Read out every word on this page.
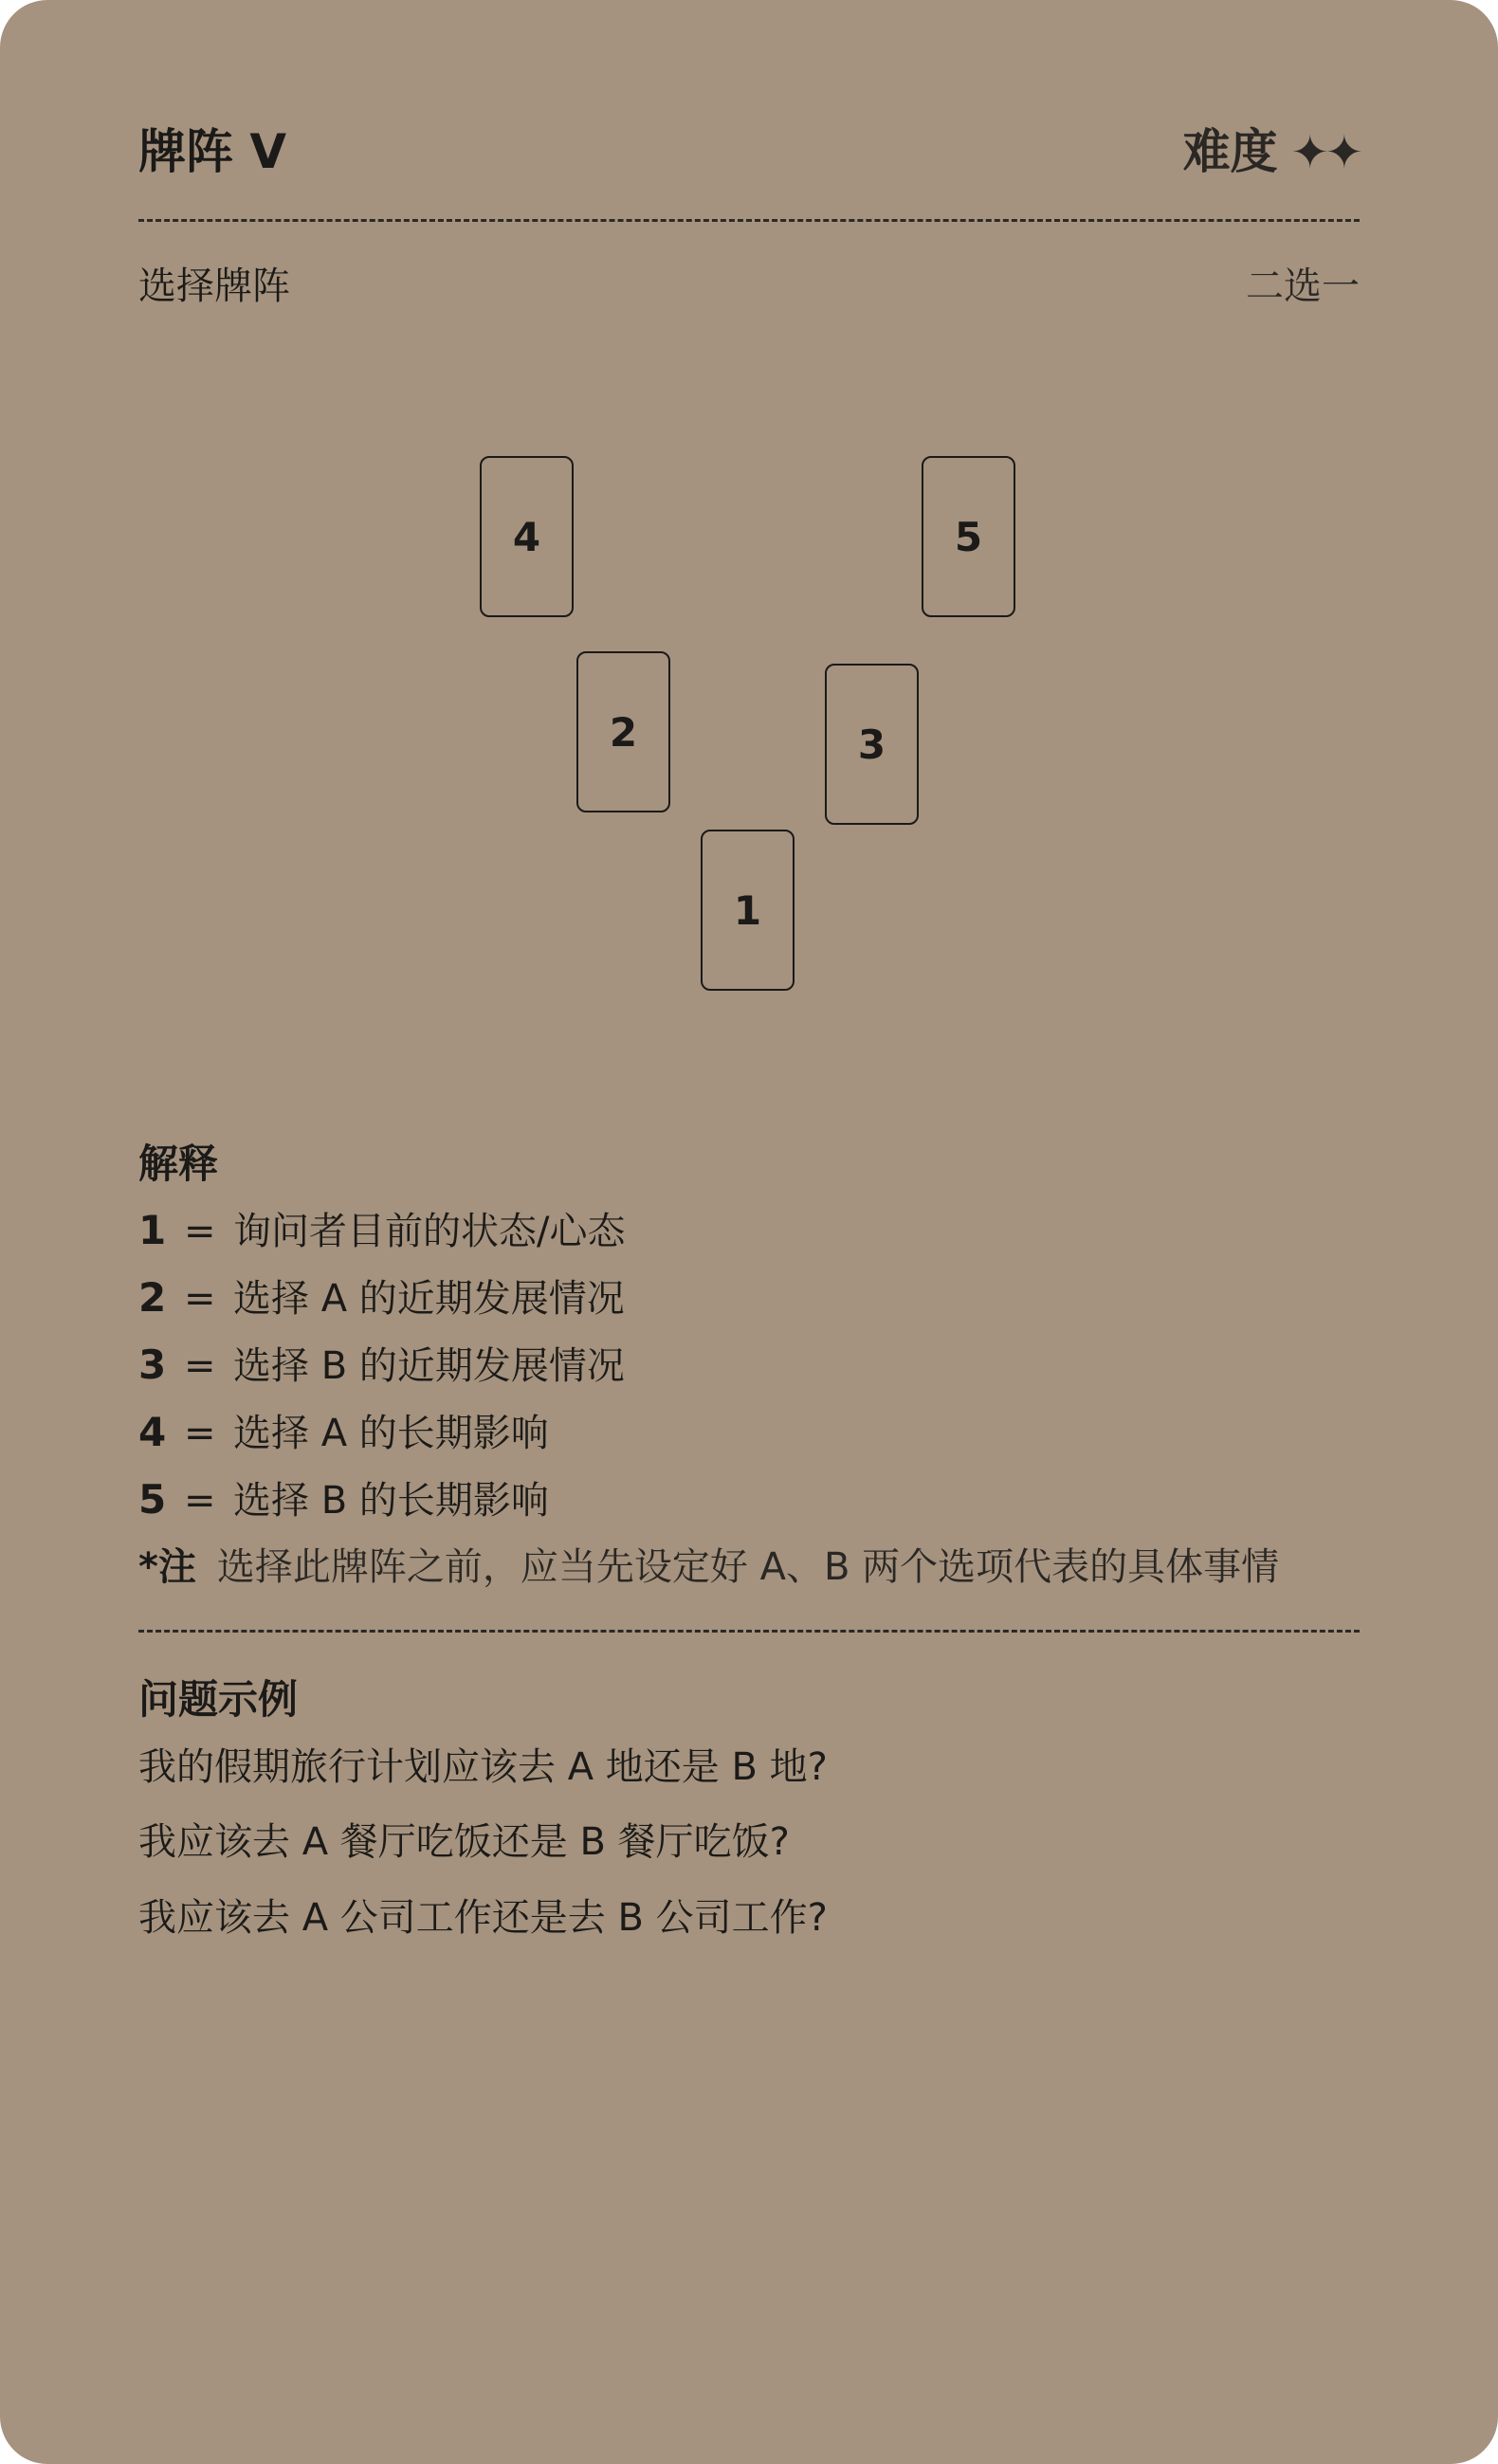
牌阵 V	难度 ✦✦
选择牌阵	二选一
4	5
2	3
1
解释
1 = 询问者目前的状态/心态
2 = 选择 A 的近期发展情况
3 = 选择 B 的近期发展情况
4 = 选择 A 的长期影响
5 = 选择 B 的长期影响
*注 选择此牌阵之前，应当先设定好 A、B 两个选项代表的具体事情
问题示例
我的假期旅行计划应该去 A 地还是 B 地?
我应该去 A 餐厅吃饭还是 B 餐厅吃饭?
我应该去 A 公司工作还是去 B 公司工作?
